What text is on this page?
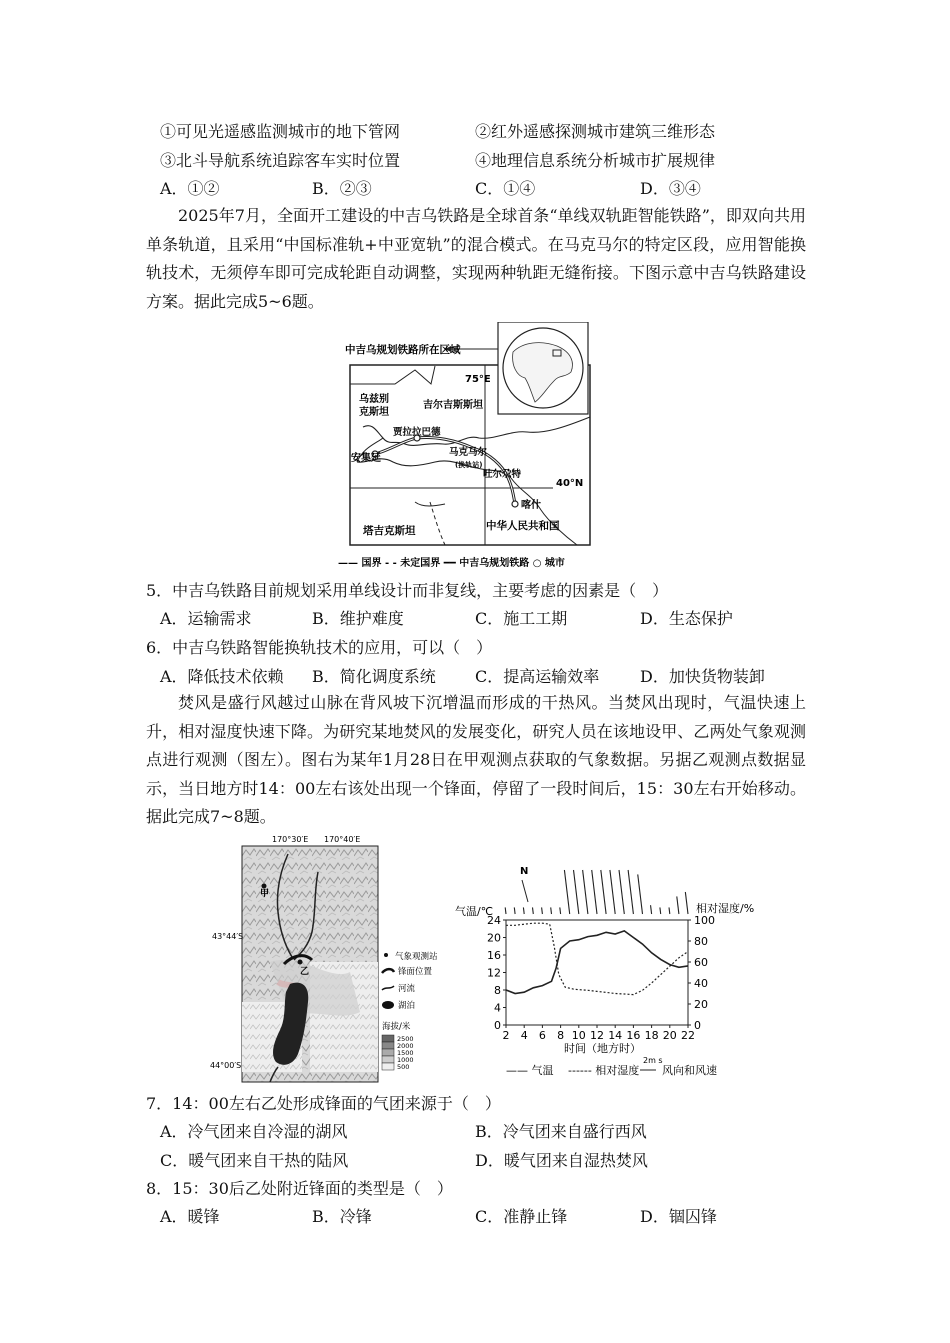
①可见光遥感监测城市的地下管网	②红外遥感探测城市建筑三维形态
③北斗导航系统追踪客车实时位置	④地理信息系统分析城市扩展规律
A．①②	B．②③	C．①④	D．③④
2025年7月，全面开工建设的中吉乌铁路是全球首条“单线双轨距智能铁路”，即双向共用单条轨道，且采用“中国标准轨+中亚宽轨”的混合模式。在马克马尔的特定区段，应用智能换轨技术，无须停车即可完成轮距自动调整，实现两种轨距无缝衔接。下图示意中吉乌铁路建设方案。据此完成5~6题。
中吉乌规划铁路所在区域
75°E
40°N
乌兹别
克斯坦
吉尔吉斯斯坦
贾拉拉巴德
安集延
马克马尔
(换轨站)
吐尔尕特
喀什
塔吉克斯坦	中华人民共和国
—— 国界 - - 未定国界 ━━ 中吉乌规划铁路 ○ 城市
5．中吉乌铁路目前规划采用单线设计而非复线，主要考虑的因素是（　）
A．运输需求	B．维护难度	C．施工工期	D．生态保护
6．中吉乌铁路智能换轨技术的应用，可以（　）
A．降低技术依赖 B．简化调度系统 C．提高运输效率	D．加快货物装卸
焚风是盛行风越过山脉在背风坡下沉增温而形成的干热风。当焚风出现时，气温快速上升，相对湿度快速下降。为研究某地焚风的发展变化，研究人员在该地设甲、乙两处气象观测点进行观测（图左）。图右为某年1月28日在甲观测点获取的气象数据。另据乙观测点数据显示，当日地方时14：00左右该处出现一个锋面，停留了一段时间后，15：30左右开始移动。据此完成7~8题。
170°30′E 170°40′E
甲
乙
43°44′S
44°00′S
气象观测站
锋面位置
河流
湖泊
海拔/米
2500
2000
1500
1000
500
N
气温/℃	相对湿度/%
时间（地方时）
—— 气温 ------ 相对湿度
2m s
风向和风速
2 4 6 8 10 12 14 16 18 20 22
0
4
8
12
16
20
24
0
20
40
60
80
100
7．14：00左右乙处形成锋面的气团来源于（　）
A．冷气团来自冷湿的湖风	B．冷气团来自盛行西风
C．暖气团来自干热的陆风	D．暖气团来自湿热焚风
8．15：30后乙处附近锋面的类型是（　）
A．暖锋	B．冷锋	C．准静止锋	D．锢囚锋
